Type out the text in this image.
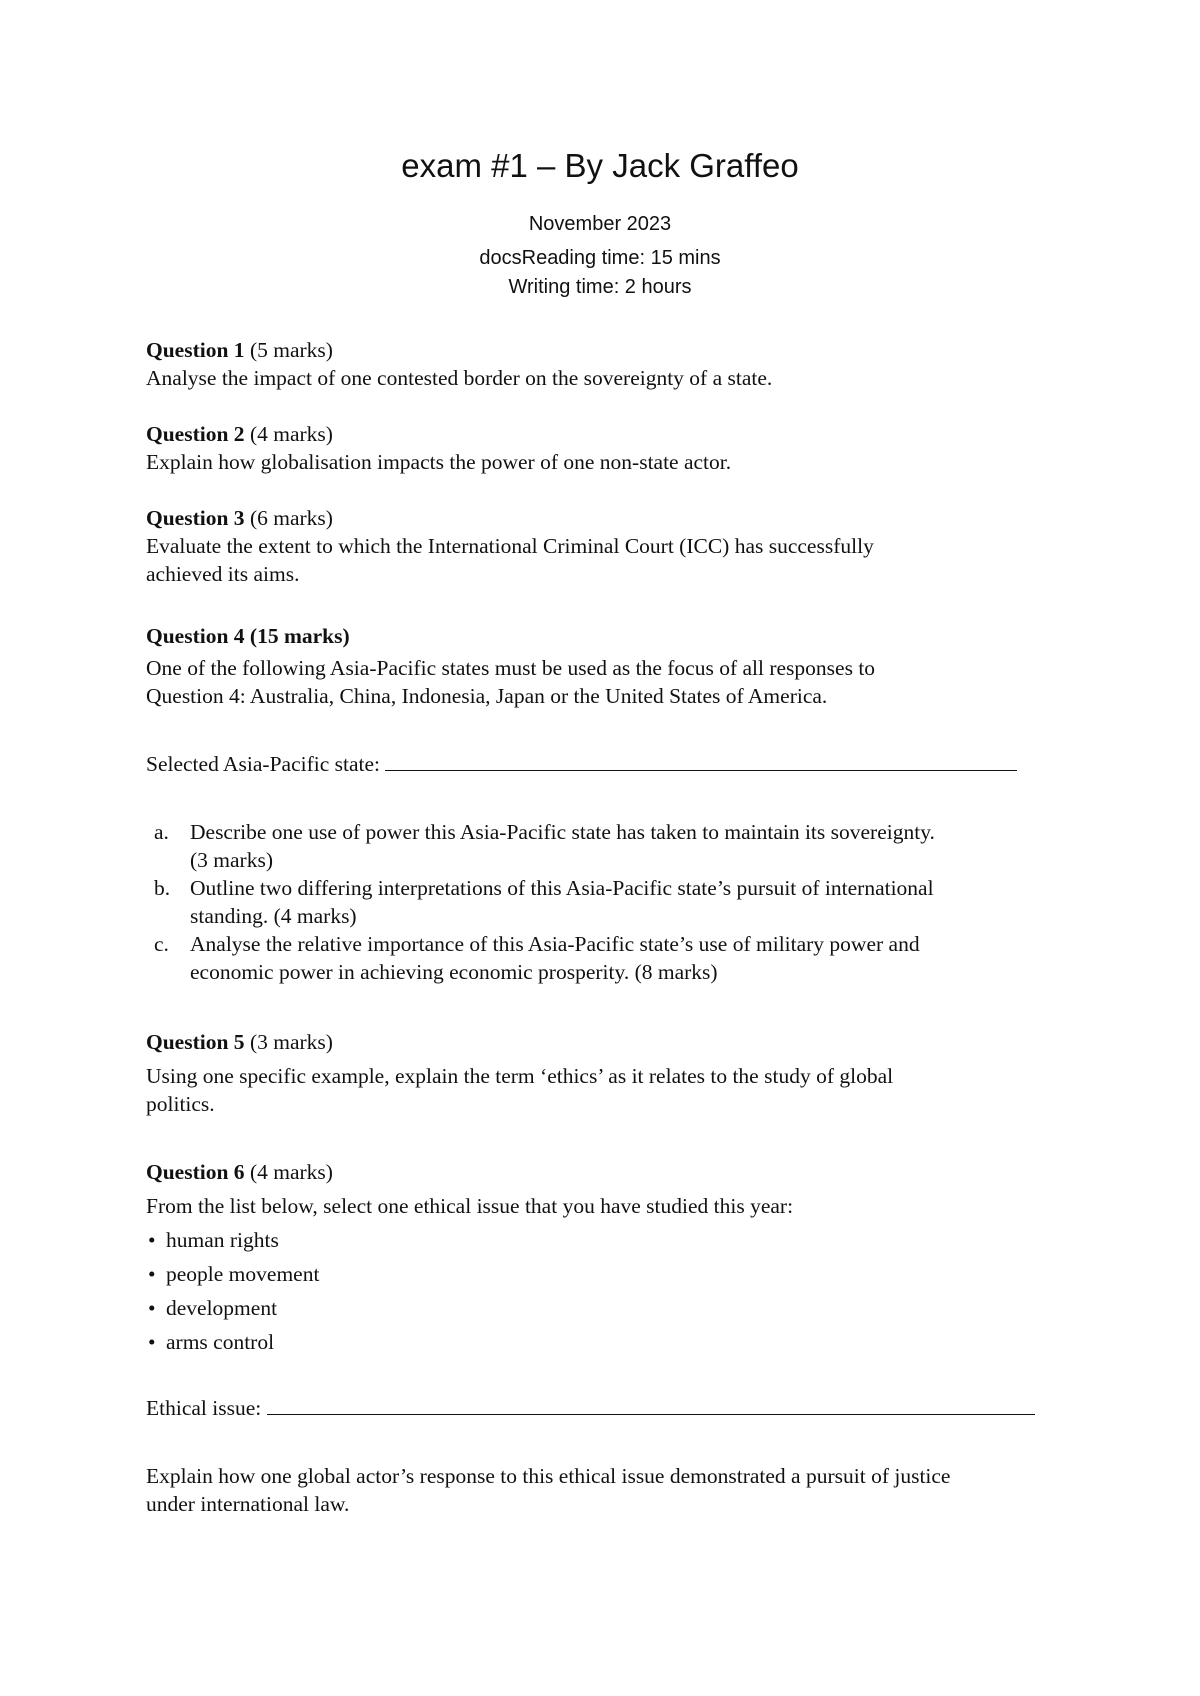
exam #1 – By Jack Graffeo
November 2023
docsReading time: 15 mins
Writing time: 2 hours
Question 1 (5 marks)
Analyse the impact of one contested border on the sovereignty of a state.
Question 2 (4 marks)
Explain how globalisation impacts the power of one non-state actor.
Question 3 (6 marks)
Evaluate the extent to which the International Criminal Court (ICC) has successfully
achieved its aims.
Question 4 (15 marks)
One of the following Asia-Pacific states must be used as the focus of all responses to
Question 4: Australia, China, Indonesia, Japan or the United States of America.
Selected Asia-Pacific state:
a. Describe one use of power this Asia-Pacific state has taken to maintain its sovereignty.
(3 marks)
b. Outline two differing interpretations of this Asia-Pacific state’s pursuit of international
standing. (4 marks)
c. Analyse the relative importance of this Asia-Pacific state’s use of military power and
economic power in achieving economic prosperity. (8 marks)
Question 5 (3 marks)
Using one specific example, explain the term ‘ethics’ as it relates to the study of global
politics.
Question 6 (4 marks)
From the list below, select one ethical issue that you have studied this year:
• human rights
• people movement
• development
• arms control
Ethical issue:
Explain how one global actor’s response to this ethical issue demonstrated a pursuit of justice
under international law.
